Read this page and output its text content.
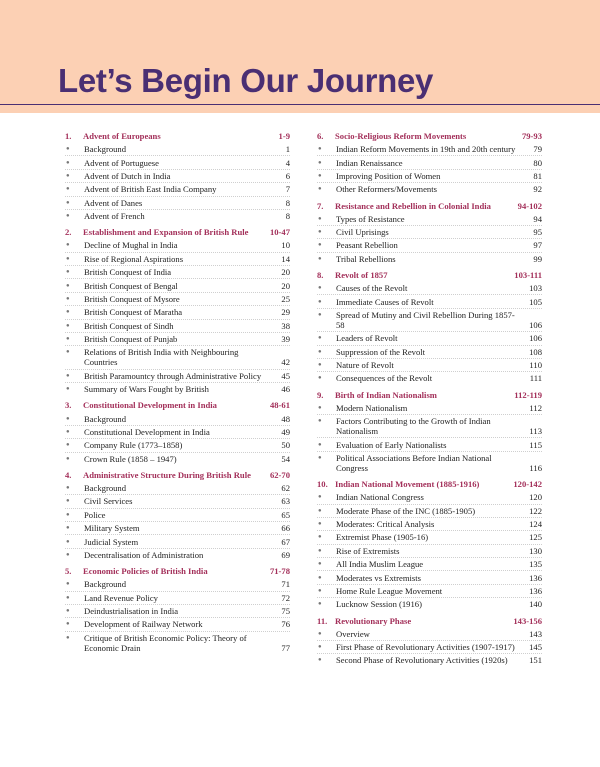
Let’s Begin Our Journey
1.	Advent of Europeans	1-9
●	Background	1
●	Advent of Portuguese	4
●	Advent of Dutch in India	6
●	Advent of British East India Company	7
●	Advent of Danes	8
●	Advent of French	8
2.	Establishment and Expansion of British Rule	10-47
●	Decline of Mughal in India	10
●	Rise of Regional Aspirations	14
●	British Conquest of India	20
●	British Conquest of Bengal	20
●	British Conquest of Mysore	25
●	British Conquest of Maratha	29
●	British Conquest of Sindh	38
●	British Conquest of Punjab	39
●	Relations of British India with Neighbouring Countries	42
●	British Paramountcy through Administrative Policy	45
●	Summary of Wars Fought by British	46
3.	Constitutional Development in India	48-61
●	Background	48
●	Constitutional Development in India	49
●	Company Rule (1773–1858)	50
●	Crown Rule (1858 – 1947)	54
4.	Administrative Structure During British Rule	62-70
●	Background	62
●	Civil Services	63
●	Police	65
●	Military System	66
●	Judicial System	67
●	Decentralisation of Administration	69
5.	Economic Policies of British India	71-78
●	Background	71
●	Land Revenue Policy	72
●	Deindustrialisation in India	75
●	Development of Railway Network	76
●	Critique of British Economic Policy: Theory of Economic Drain	77
6.	Socio-Religious Reform Movements	79-93
●	Indian Reform Movements in 19th and 20th century	79
●	Indian Renaissance	80
●	Improving Position of Women	81
●	Other Reformers/Movements	92
7.	Resistance and Rebellion in Colonial India	94-102
●	Types of Resistance	94
●	Civil Uprisings	95
●	Peasant Rebellion	97
●	Tribal Rebellions	99
8.	Revolt of 1857	103-111
●	Causes of the Revolt	103
●	Immediate Causes of Revolt	105
●	Spread of Mutiny and Civil Rebellion During 1857-58	106
●	Leaders of Revolt	106
●	Suppression of the Revolt	108
●	Nature of Revolt	110
●	Consequences of the Revolt	111
9.	Birth of Indian Nationalism	112-119
●	Modern Nationalism	112
●	Factors Contributing to the Growth of Indian Nationalism	113
●	Evaluation of Early Nationalists	115
●	Political Associations Before Indian National Congress	116
10. Indian National Movement (1885-1916)	120-142
●	Indian National Congress	120
●	Moderate Phase of the INC (1885-1905)	122
●	Moderates: Critical Analysis	124
●	Extremist Phase (1905-16)	125
●	Rise of Extremists	130
●	All India Muslim League	135
●	Moderates vs Extremists	136
●	Home Rule League Movement	136
●	Lucknow Session (1916)	140
11. Revolutionary Phase	143-156
●	Overview	143
●	First Phase of Revolutionary Activities (1907-1917)	145
●	Second Phase of Revolutionary Activities (1920s)	151
